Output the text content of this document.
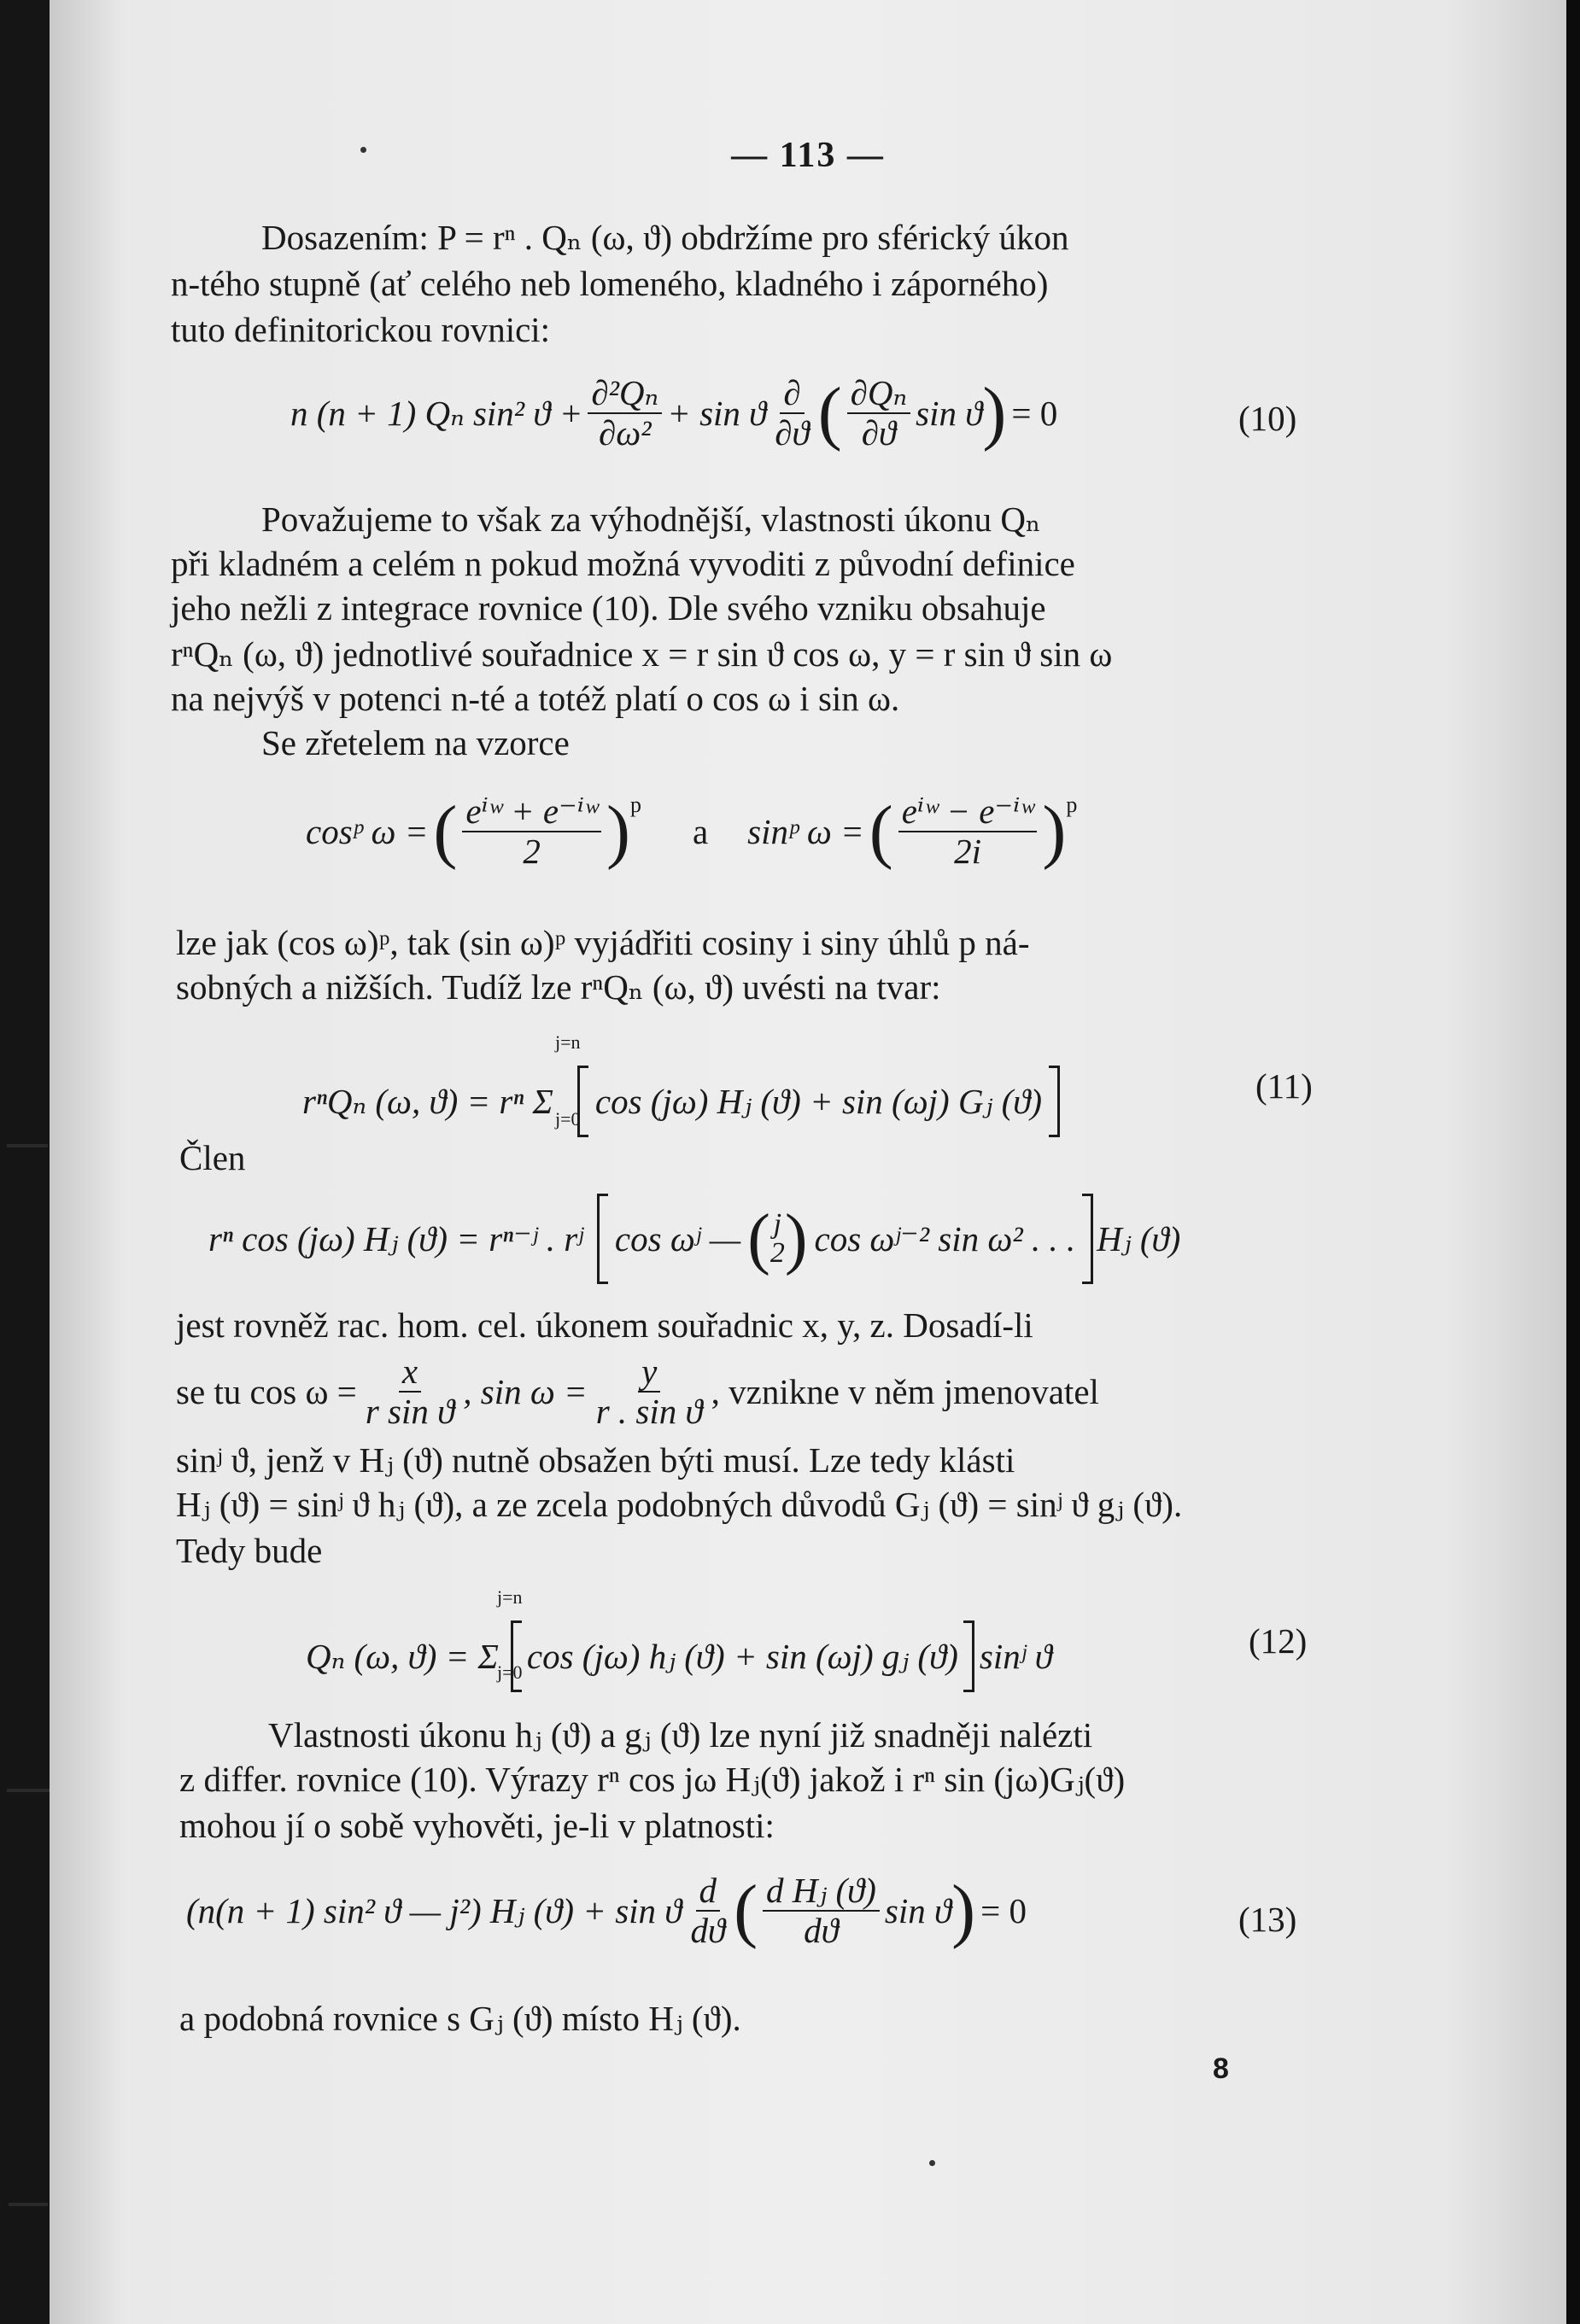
— 113 —
Dosazením: P = rⁿ . Qₙ (ω, ϑ) obdržíme pro sférický úkon
n-tého stupně (ať celého neb lomeného, kladného i záporného)
tuto definitorickou rovnici:
n (n + 1) Qₙ sin² $ϑ + \frac{\text{∂²Qₙ}}{\text{∂ω²}} + \sin ϑ \frac{\partial}{\partial ϑ}$ ( $\frac{\text{∂Qₙ}}{\partial ϑ}$ sin ϑ ) = 0	(10)
Považujeme to však za výhodnější, vlastnosti úkonu Qₙ
při kladném a celém n pokud možná vyvoditi z původní definice
jeho nežli z integrace rovnice (10). Dle svého vzniku obsahuje
rⁿQₙ (ω, ϑ) jednotlivé souřadnice x = r sin ϑ cos ω, y = r sin ϑ sin ω
na nejvýš v potenci n-té a totéž platí o cos ω i sin ω.
Se zřetelem na vzorce
cosᵖ ω = ( $\frac{\text{eⁱʷ + e⁻ⁱʷ}}{2} )^p$
a sinᵖ ω = ( $\frac{\text{eⁱʷ − e⁻ⁱʷ}}{2i} )^p$
lze jak (cos ω)ᵖ, tak (sin ω)ᵖ vyjádřiti cosiny i siny úhlů p ná-
sobných a nižších. Tudíž lze rⁿQₙ (ω, ϑ) uvésti na tvar:
j=n
j=0
rⁿQₙ (ω, ϑ) = rⁿ Σ cos (jω) Hⱼ (ϑ) + sin (ωj) Gⱼ (ϑ)	(11)
Člen
rⁿ cos (jω) Hⱼ (ϑ) = rⁿ⁻ʲ . rʲ cos ωʲ — ( j
2 ) cos ωʲ⁻² sin ω² . . . Hⱼ (ϑ)
jest rovněž rac. hom. cel. úkonem souřadnic x, y, z. Dosadí-li
se tu $\cos \omega = \frac{x}{\text{r sin ϑ}}$ , $\sin \omega = \frac{y}{\text{r . sin ϑ}}$ , vznikne v něm jmenovatel
sinʲ ϑ, jenž v Hⱼ (ϑ) nutně obsažen býti musí. Lze tedy klásti
Hⱼ (ϑ) = sinʲ ϑ hⱼ (ϑ), a ze zcela podobných důvodů Gⱼ (ϑ) = sinʲ ϑ gⱼ (ϑ).
Tedy bude
j=n
j=0
Qₙ (ω, ϑ) = Σ cos (jω) hⱼ (ϑ) + sin (ωj) gⱼ (ϑ) sinʲ ϑ	(12)
Vlastnosti úkonu hⱼ (ϑ) a gⱼ (ϑ) lze nyní již snadněji nalézti
z differ. rovnice (10). Výrazy rⁿ cos jω Hⱼ(ϑ) jakož i rⁿ sin (jω)Gⱼ(ϑ)
mohou jí o sobě vyhověti, je-li v platnosti:
(n(n + 1) sin² ϑ — j²) Hⱼ (ϑ) + sin ϑ $\frac{d}{dϑ}$ ( $\frac{\text{d Hⱼ (ϑ)}}{dϑ}$ sin ϑ ) = 0	(13)
a podobná rovnice s Gⱼ (ϑ) místo Hⱼ (ϑ).
8
